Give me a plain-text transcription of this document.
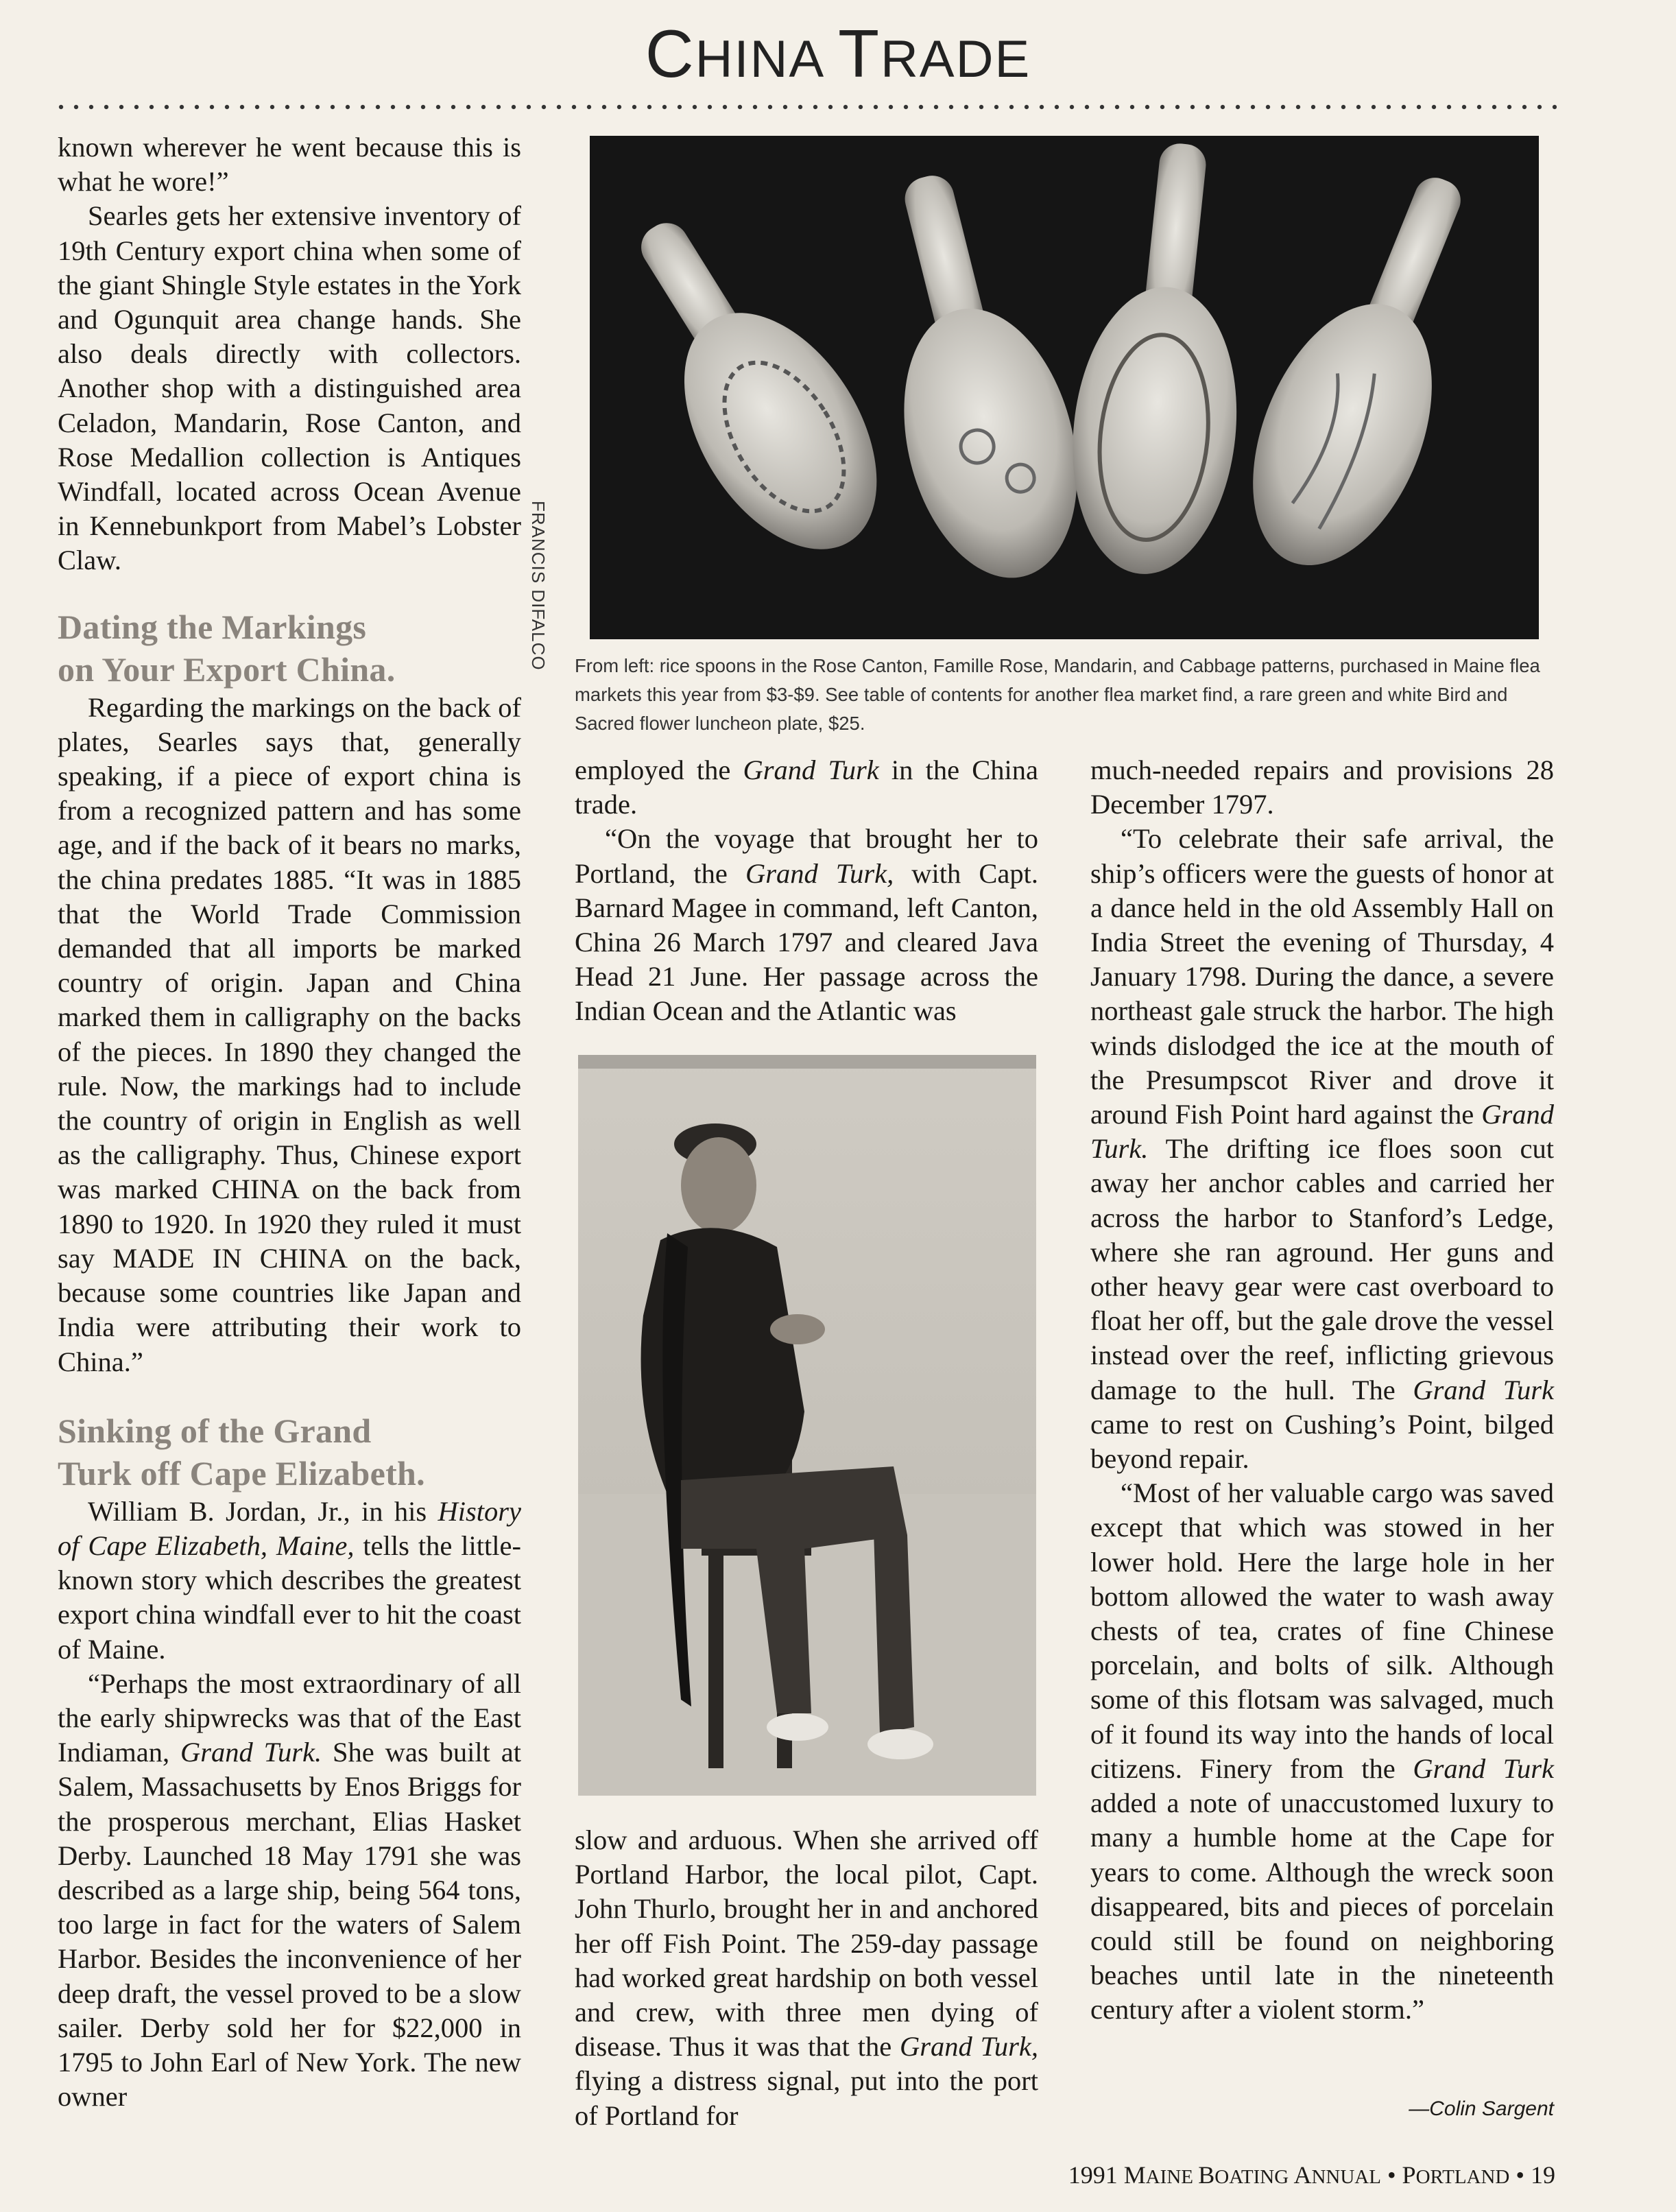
CHINA TRADE

known wherever he went because this is what he wore!”

Searles gets her extensive inventory of 19th Century export china when some of the giant Shingle Style estates in the York and Ogunquit area change hands. She also deals directly with collectors. Another shop with a distinguished area Celadon, Mandarin, Rose Canton, and Rose Medallion collection is Antiques Windfall, located across Ocean Avenue in Kennebunkport from Mabel’s Lobster Claw.

Dating the Markings
on Your Export China.

Regarding the markings on the back of plates, Searles says that, generally speaking, if a piece of export china is from a recognized pattern and has some age, and if the back of it bears no marks, the china predates 1885. “It was in 1885 that the World Trade Commission demanded that all imports be marked country of origin. Japan and China marked them in calligraphy on the backs of the pieces. In 1890 they changed the rule. Now, the markings had to include the country of origin in English as well as the calligraphy. Thus, Chinese export was marked CHINA on the back from 1890 to 1920. In 1920 they ruled it must say MADE IN CHINA on the back, because some countries like Japan and India were attributing their work to China.”

Sinking of the Grand
Turk off Cape Elizabeth.

William B. Jordan, Jr., in his History of Cape Elizabeth, Maine, tells the little-known story which describes the greatest export china windfall ever to hit the coast of Maine.

“Perhaps the most extraordinary of all the early shipwrecks was that of the East Indiaman, Grand Turk. She was built at Salem, Massachusetts by Enos Briggs for the prosperous merchant, Elias Hasket Derby. Launched 18 May 1791 she was described as a large ship, being 564 tons, too large in fact for the waters of Salem Harbor. Besides the inconvenience of her deep draft, the vessel proved to be a slow sailer. Derby sold her for $22,000 in 1795 to John Earl of New York. The new owner

FRANCIS DIFALCO From left: rice spoons in the Rose Canton, Famille Rose, Mandarin, and Cabbage patterns, purchased in Maine flea markets this year from $3-$9. See table of contents for another flea market find, a rare green and white Bird and Sacred flower luncheon plate, $25.

employed the Grand Turk in the China trade.

“On the voyage that brought her to Portland, the Grand Turk, with Capt. Barnard Magee in command, left Canton, China 26 March 1797 and cleared Java Head 21 June. Her passage across the Indian Ocean and the Atlantic was

slow and arduous. When she arrived off Portland Harbor, the local pilot, Capt. John Thurlo, brought her in and anchored her off Fish Point. The 259-day passage had worked great hardship on both vessel and crew, with three men dying of disease. Thus it was that the Grand Turk, flying a distress signal, put into the port of Portland for

much-needed repairs and provisions 28 December 1797.

“To celebrate their safe arrival, the ship’s officers were the guests of honor at a dance held in the old Assembly Hall on India Street the evening of Thursday, 4 January 1798. During the dance, a severe northeast gale struck the harbor. The high winds dislodged the ice at the mouth of the Presumpscot River and drove it around Fish Point hard against the Grand Turk. The drifting ice floes soon cut away her anchor cables and carried her across the harbor to Stanford’s Ledge, where she ran aground. Her guns and other heavy gear were cast overboard to float her off, but the gale drove the vessel instead over the reef, inflicting grievous damage to the hull. The Grand Turk came to rest on Cushing’s Point, bilged beyond repair.

“Most of her valuable cargo was saved except that which was stowed in her lower hold. Here the large hole in her bottom allowed the water to wash away chests of tea, crates of fine Chinese porcelain, and bolts of silk. Although some of this flotsam was salvaged, much of it found its way into the hands of local citizens. Finery from the Grand Turk added a note of unaccustomed luxury to many a humble home at the Cape for years to come. Although the wreck soon disappeared, bits and pieces of porcelain could still be found on neighboring beaches until late in the nineteenth century after a violent storm.”

—Colin Sargent
1991 MAINE BOATING ANNUAL • PORTLAND • 19
